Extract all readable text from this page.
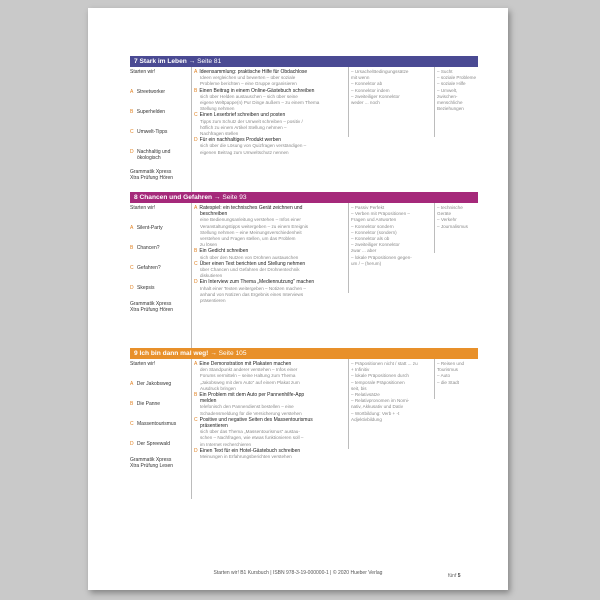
7 Stark im Leben → Seite 81
Starten wir!
A Streetworker
B Superhelden
C Umwelt-Tipps
D Nachhaltig und
ökologisch
Grammatik Xpress
Xtra Prüfung Hören
A Ideensammlung: praktische Hilfe für Obdachlose
Ideen vergleichen und bewerten – über soziale
Probleme berichten – eine Gruppe organisieren
B Einen Beitrag in einem Online-Gästebuch schreiben
sich über Helden austauschen – sich über seine
eigene Weltpappe(n) Pur Dinge äußern – zu einem Thema
Stellung nehmen
C Einen Leserbrief schreiben und posten
Tipps zum Schutz der Umwelt schreiben – positiv /
höflich zu einem Artikel Stellung nehmen –
Nachfragen stellen
D Für ein nachhaltiges Produkt werben
sich über die Lösung von Quizfragen verständigen –
eigenen Beitrag zum Umweltschutz nennen
– Ursache/Bedingungssätze
mit wenn
– Konnektor ab
– Konnektor indem
– zweiteiliger Konnektor
weder ... noch
– Sucht
– soziale Probleme
– soziale Hilfe
– Umwelt,
zwischen-
menschliche
Beziehungen
8 Chancen und Gefahren → Seite 93
Starten wir!
A Silent-Party
B Chancen?
C Gefahren?
D Skepsis
Grammatik Xpress
Xtra Prüfung Hören
A Ratespiel: ein technisches Gerät zeichnen und
beschreiben
eine Bedienungsanleitung verstehen – Infos einer
Veranstaltungstipps weitergeben – zu einem Ereignis
Stellung nehmen – eine Meinungsverschiedenheit
verstehen und Fragen stellen, um das Problem
zu lösen
B Ein Gedicht schreiben
sich über den Nutzen von Drohnen austauschen
C Über einen Text berichten und Stellung nehmen
über Chancen und Gefahren der Drohnentechnik
diskutieren
D Ein Interview zum Thema „Mediennutzung" machen
Inhalt einer Texten weitergeben – Notizen machen –
anhand von Notizen das Ergebnis eines Interviews
präsentieren
– Passiv Perfekt
– Verben mit Präpositionen –
Fragen und Antworten
– Konnektor sondern
– Konnektor (sondern)
– Konnektor als ob
– zweiteiliger Konnektor
zwar ... aber
– lokale Präpositionen gegen-
um / – (herum)
– technische
Geräte
– Verkehr
– Journalismus
9 Ich bin dann mal weg! → Seite 105
Starten wir!
A Der Jakobsweg
B Die Panne
C Massentourismus
D Der Spreewald
Grammatik Xpress
Xtra Prüfung Lesen
A Eine Demonstration mit Plakaten machen
den Standpunkt anderer verstehen – Infos einer
Forums vermitteln – seine Haltung zum Thema
„Jakobsweg mit dem Auto" auf einem Plakat zum
Ausdruck bringen
B Ein Problem mit dem Auto per Pannenhilfe-App
melden
telefonisch den Pannendienst bestellen – eine
Schadensmeldung für die Versicherung verstehen
C Positive und negative Seiten des Massentourismus
präsentieren
sich über das Thema „Massentourismus" austau-
schen – Nachfragen, wie etwas funktionieren soll –
im Internet recherchieren
D Einen Text für ein Hotel-Gästebuch schreiben
Meinungen in Erfahrungsberichten verstehen
– Präpositionen nicht / statt ... zu
+ Infinitiv
– lokale Präpositionen durch
– temporale Präpositionen
seit, bis
– Relativsätze
– Relativpronomen im Nomi-
nativ, Akkusativ und Dativ
– Wortbildung: Verb + -t
Adjektivbildung
– Reisen und
Tourismus
– Auto
– die Stadt
fünf 5
Starten wir! B1 Kursbuch | ISBN 978-3-19-000000-1 | © 2020 Hueber Verlag
